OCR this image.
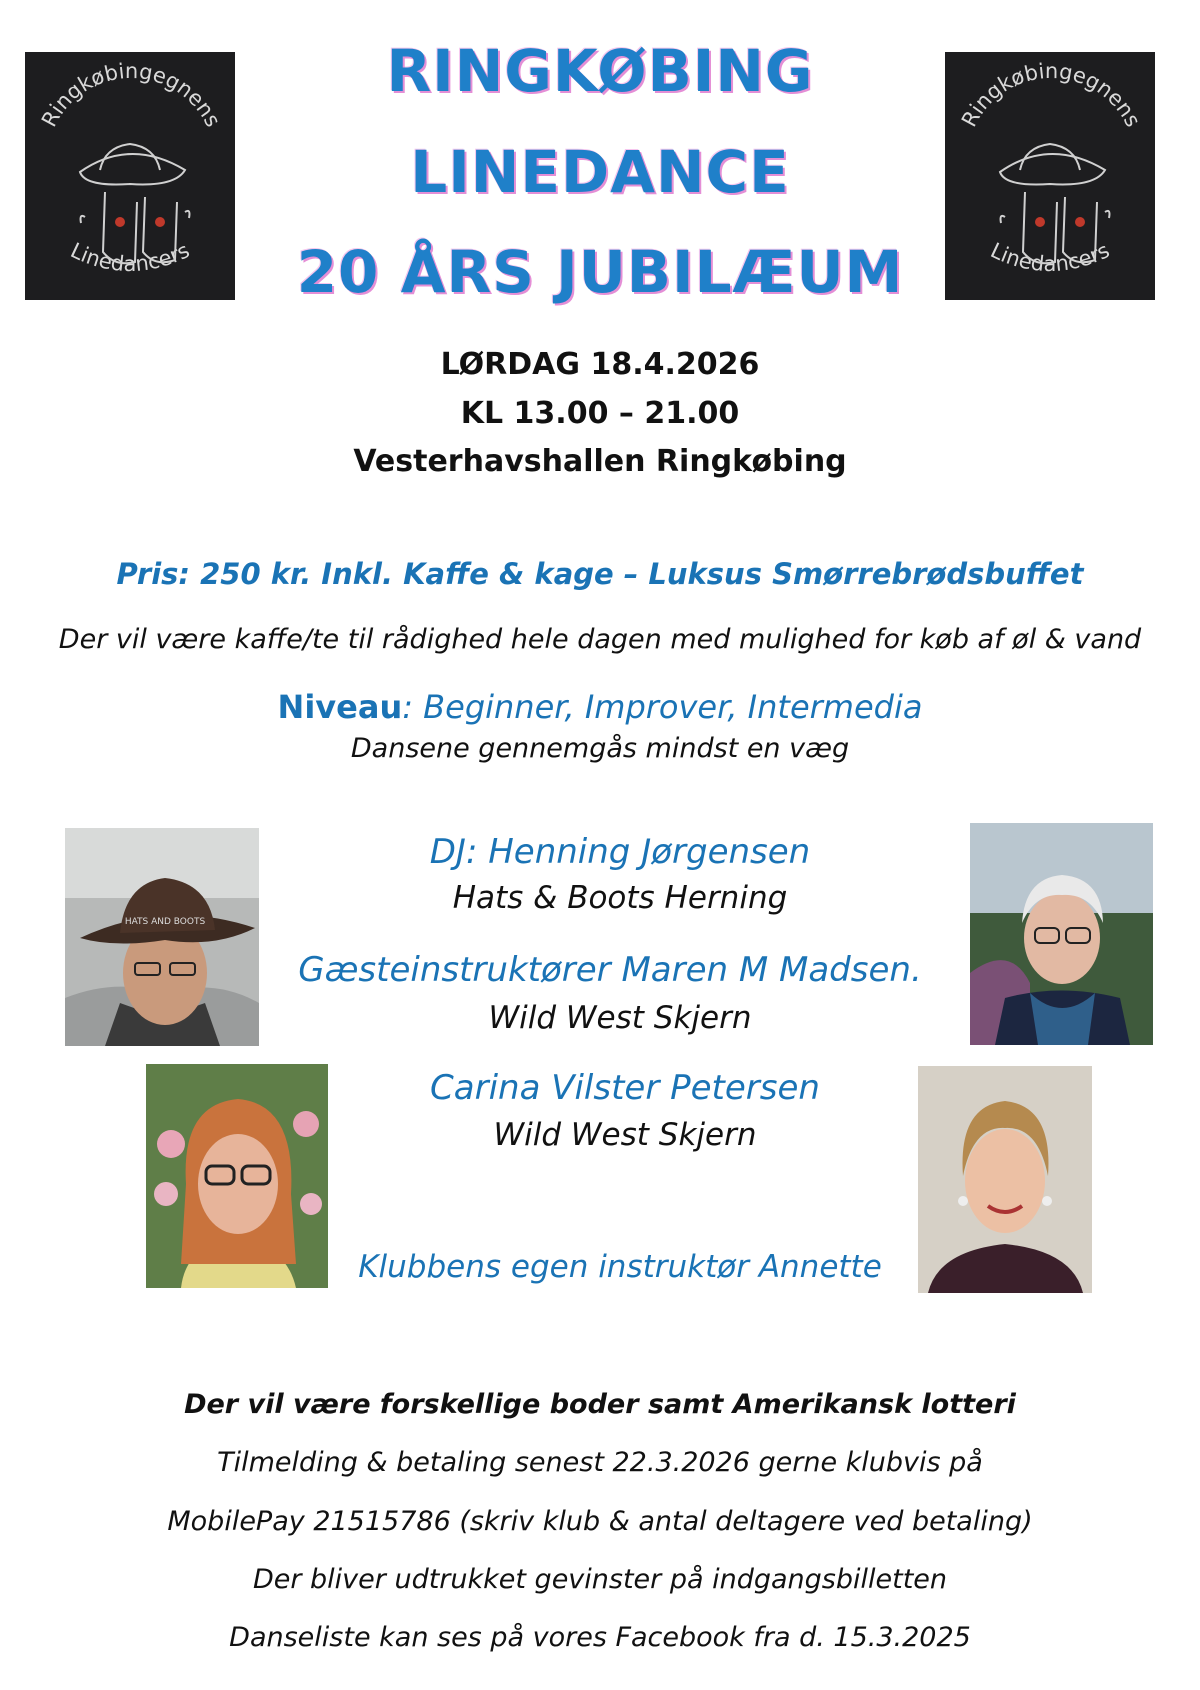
Ringkøbingegnens
Linedancers
Ringkøbingegnens
Linedancers
RINGKØBING
LINEDANCE
20 ÅRS JUBILÆUM
LØRDAG 18.4.2026
KL 13.00 – 21.00
Vesterhavshallen Ringkøbing
Pris: 250 kr. Inkl. Kaffe & kage – Luksus Smørrebrødsbuffet
Der vil være kaffe/te til rådighed hele dagen med mulighed for køb af øl & vand
Niveau: Beginner, Improver, Intermedia
Dansene gennemgås mindst en væg
HATS AND BOOTS
DJ: Henning Jørgensen
Hats & Boots Herning
Gæsteinstruktører Maren M Madsen.
Wild West Skjern
Carina Vilster Petersen
Wild West Skjern
Klubbens egen instruktør Annette
Der vil være forskellige boder samt Amerikansk lotteri
Tilmelding & betaling senest 22.3.2026 gerne klubvis på
MobilePay 21515786 (skriv klub & antal deltagere ved betaling)
Der bliver udtrukket gevinster på indgangsbilletten
Danseliste kan ses på vores Facebook fra d. 15.3.2025
